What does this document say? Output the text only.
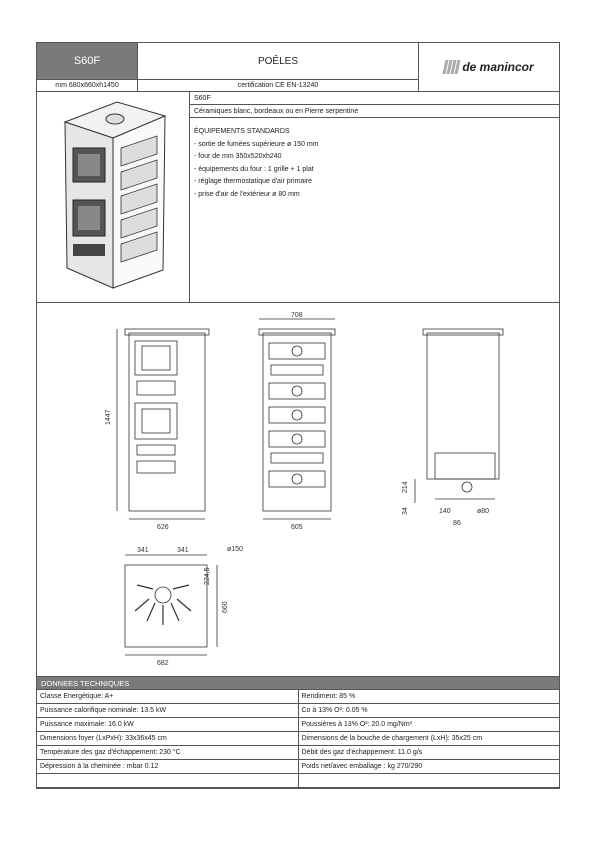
S60F
mm 680x660xh1450
POÊLES
certification CE EN-13240
de manincor
S60F
Céramiques blanc, bordeaux ou en Pierre serpentine
ÉQUIPEMENTS STANDARDS
- sortie de fumées supérieure ø 150 mm
- four de mm 350x520xh240
- équipements du four : 1 grille + 1 plat
- réglage thermostatique d'air primaire
- prise d'air de l'extérieur ø 80 mm
1447
626
708
605
214
34	140	ø80
86
341	341	ø150
224,5
660
682
DONNEES TECHNIQUES
Classe Energétique: A+	Rendiment: 85 %
Puissance calorifique nominale: 13.5 kW	Co à 13% O²: 0.05 %
Puissance maximale: 16.0 kW	Poussières à 13% O²: 20.0 mg/Nm³
Dimensions foyer (LxPxH): 33x36x45 cm	Dimensions de la bouche de chargement (LxH): 35x25 cm
Température des gaz d'échappement: 230 °C	Débit des gaz d'échappement: 11.0 g/s
Dépression à la cheminée : mbar 0.12	Poids net/avec emballage : kg 270/290
